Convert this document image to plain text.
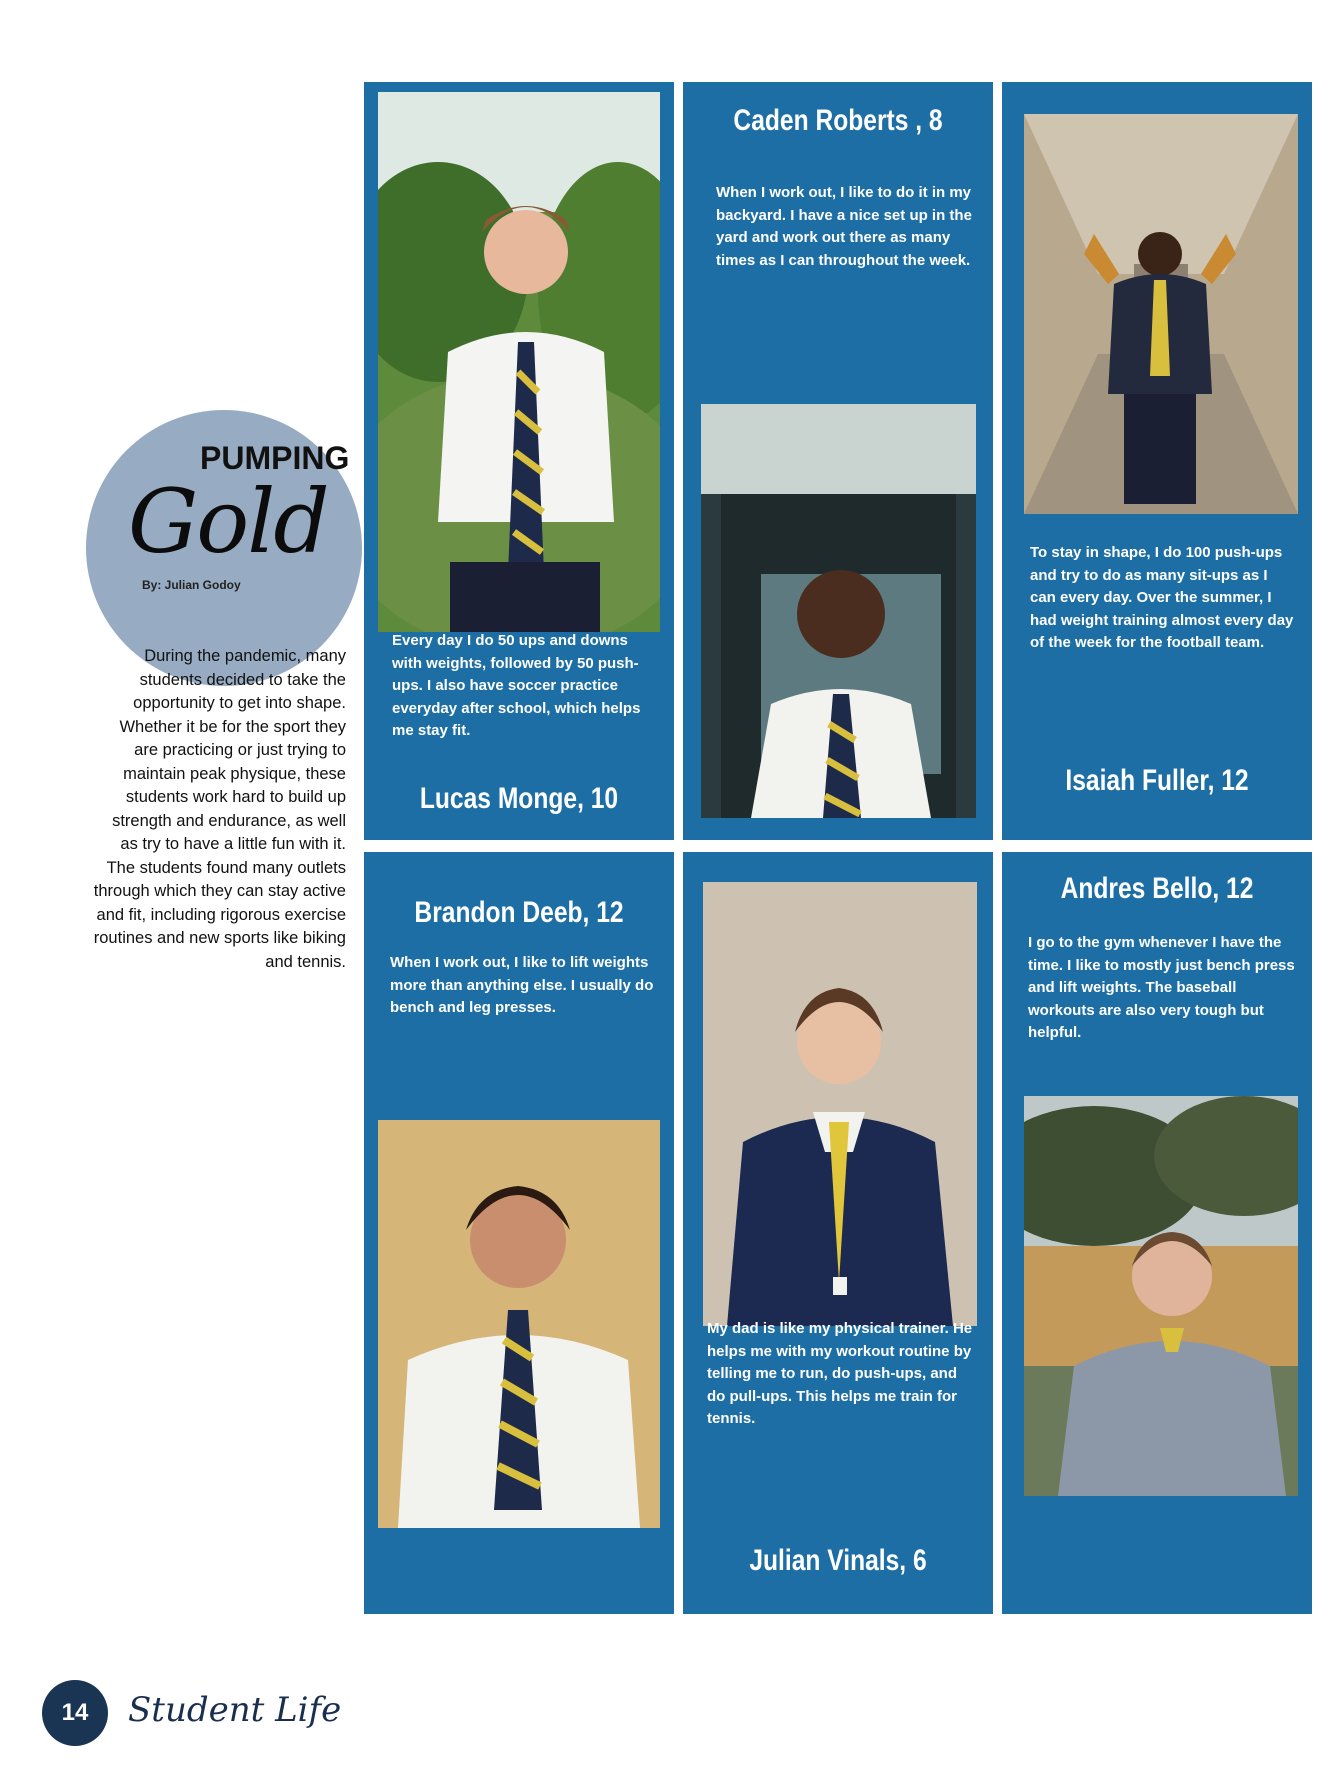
PUMPING
Gold
By: Julian Godoy
During the pandemic, many students decided to take the opportunity to get into shape. Whether it be for the sport they are practicing or just trying to maintain peak physique, these students work hard to build up strength and endurance, as well as try to have a little fun with it. The students found many outlets through which they can stay active and fit, including rigorous exercise routines and new sports like biking and tennis.
Every day I do 50 ups and downs with weights, followed by 50 push-ups. I also have soccer practice everyday after school, which helps me stay fit.
Lucas Monge, 10
Caden Roberts , 8
When I work out, I like to do it in my backyard. I have a nice set up in the yard and work out there as many times as I can throughout the week.
To stay in shape, I do 100 push-ups and try to do as many sit-ups as I can every day. Over the summer, I had weight training almost every day of the week for the football team.
Isaiah Fuller, 12
Brandon Deeb, 12
When I work out, I like to lift weights more than anything else. I usually do bench and leg presses.
My dad is like my physical trainer. He helps me with my workout routine by telling me to run, do push-ups, and do pull-ups. This helps me train for tennis.
Julian Vinals, 6
Andres Bello, 12
I go to the gym whenever I have the time. I like to mostly just bench press and lift weights. The baseball workouts are also very tough but helpful.
14	Student Life
